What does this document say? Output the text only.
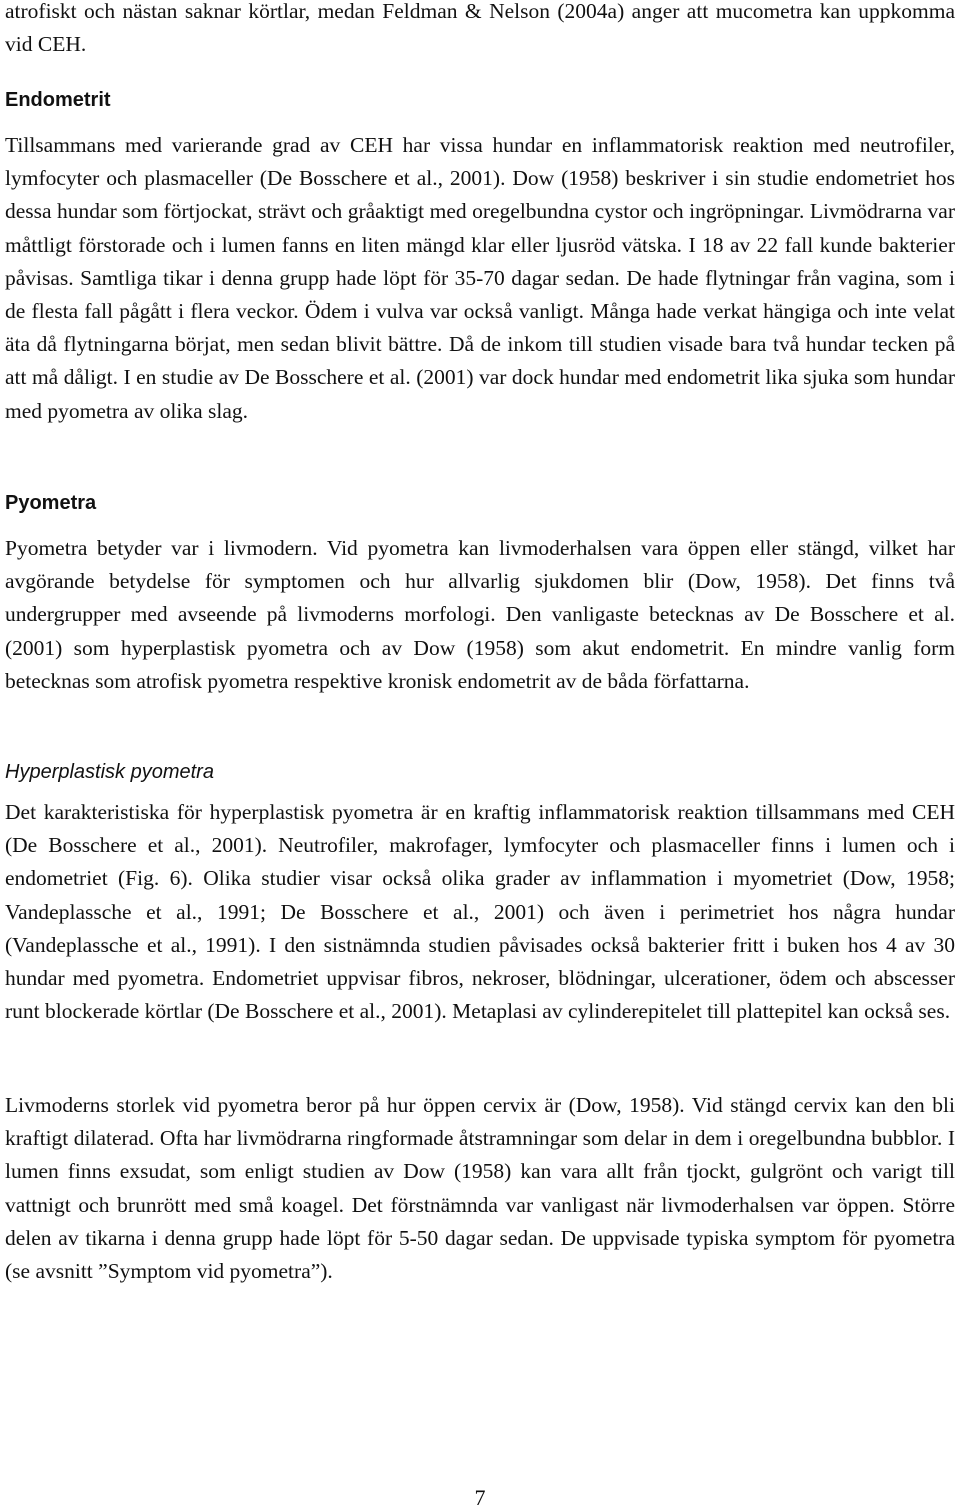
atrofiskt och nästan saknar körtlar, medan Feldman & Nelson (2004a) anger att mucometra kan uppkomma vid CEH.

Endometrit

Tillsammans med varierande grad av CEH har vissa hundar en inflammatorisk reaktion med neutrofiler, lymfocyter och plasmaceller (De Bosschere et al., 2001). Dow (1958) beskriver i sin studie endometriet hos dessa hundar som förtjockat, strävt och gråaktigt med oregelbundna cystor och ingröpningar. Livmödrarna var måttligt förstorade och i lumen fanns en liten mängd klar eller ljusröd vätska. I 18 av 22 fall kunde bakterier påvisas. Samtliga tikar i denna grupp hade löpt för 35-70 dagar sedan. De hade flytningar från vagina, som i de flesta fall pågått i flera veckor. Ödem i vulva var också vanligt. Många hade verkat hängiga och inte velat äta då flytningarna börjat, men sedan blivit bättre. Då de inkom till studien visade bara två hundar tecken på att må dåligt. I en studie av De Bosschere et al. (2001) var dock hundar med endometrit lika sjuka som hundar med pyometra av olika slag.

Pyometra

Pyometra betyder var i livmodern. Vid pyometra kan livmoderhalsen vara öppen eller stängd, vilket har avgörande betydelse för symptomen och hur allvarlig sjukdomen blir (Dow, 1958). Det finns två undergrupper med avseende på livmoderns morfologi. Den vanligaste betecknas av De Bosschere et al. (2001) som hyperplastisk pyometra och av Dow (1958) som akut endometrit. En mindre vanlig form betecknas som atrofisk pyometra respektive kronisk endometrit av de båda författarna.

Hyperplastisk pyometra

Det karakteristiska för hyperplastisk pyometra är en kraftig inflammatorisk reaktion tillsammans med CEH (De Bosschere et al., 2001). Neutrofiler, makrofager, lymfocyter och plasmaceller finns i lumen och i endometriet (Fig. 6). Olika studier visar också olika grader av inflammation i myometriet (Dow, 1958; Vandeplassche et al., 1991; De Bosschere et al., 2001) och även i perimetriet hos några hundar (Vandeplassche et al., 1991). I den sistnämnda studien påvisades också bakterier fritt i buken hos 4 av 30 hundar med pyometra. Endometriet uppvisar fibros, nekroser, blödningar, ulcerationer, ödem och abscesser runt blockerade körtlar (De Bosschere et al., 2001). Metaplasi av cylinderepitelet till plattepitel kan också ses.

Livmoderns storlek vid pyometra beror på hur öppen cervix är (Dow, 1958). Vid stängd cervix kan den bli kraftigt dilaterad. Ofta har livmödrarna ringformade åtstramningar som delar in dem i oregelbundna bubblor. I lumen finns exsudat, som enligt studien av Dow (1958) kan vara allt från tjockt, gulgrönt och varigt till vattnigt och brunrött med små koagel. Det förstnämnda var vanligast när livmoderhalsen var öppen. Större delen av tikarna i denna grupp hade löpt för 5-50 dagar sedan. De uppvisade typiska symptom för pyometra (se avsnitt ”Symptom vid pyometra”).

7
